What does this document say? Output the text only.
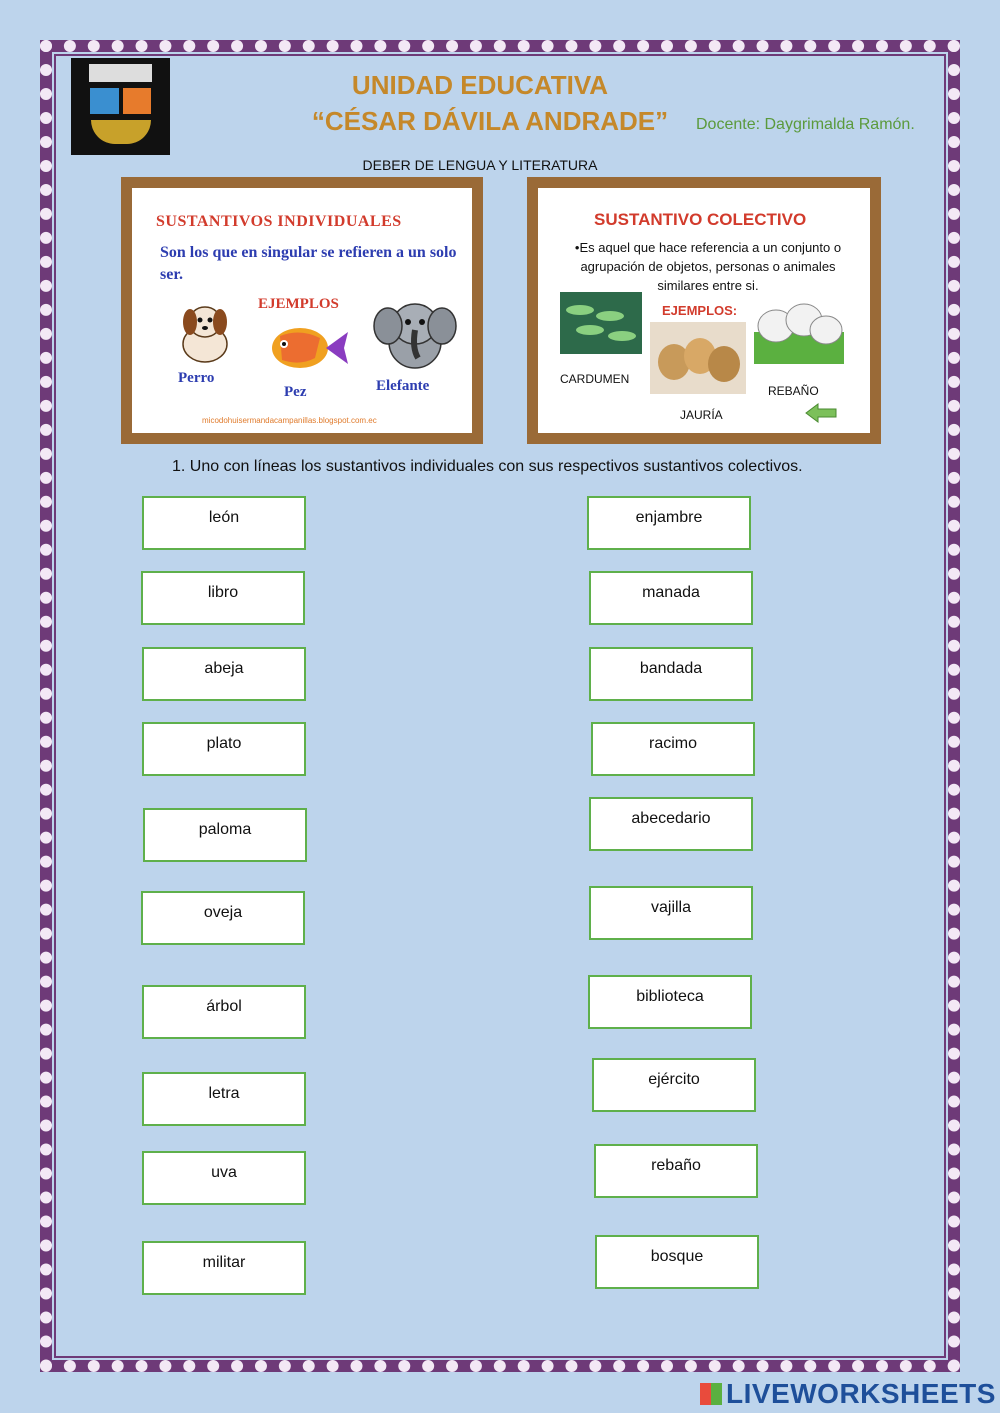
UNIDAD EDUCATIVA
“CÉSAR DÁVILA ANDRADE”	Docente: Daygrimalda Ramón.
DEBER DE LENGUA Y LITERATURA
SUSTANTIVOS INDIVIDUALES
Son los que en singular se refieren a un solo ser.
EJEMPLOS
Perro
Pez	Elefante
micodohuisermandacampanillas.blogspot.com.ec
SUSTANTIVO COLECTIVO
•Es aquel que hace referencia a un conjunto o agrupación de objetos, personas o animales similares entre si.
EJEMPLOS:
CARDUMEN
JAURÍA
REBAÑO
1. Uno con líneas los sustantivos individuales con sus respectivos sustantivos colectivos.
león
libro
abeja
plato
paloma
oveja
árbol
letra
uva
militar
enjambre
manada
bandada
racimo
abecedario
vajilla
biblioteca
ejército
rebaño
bosque
LIVEWORKSHEETS
